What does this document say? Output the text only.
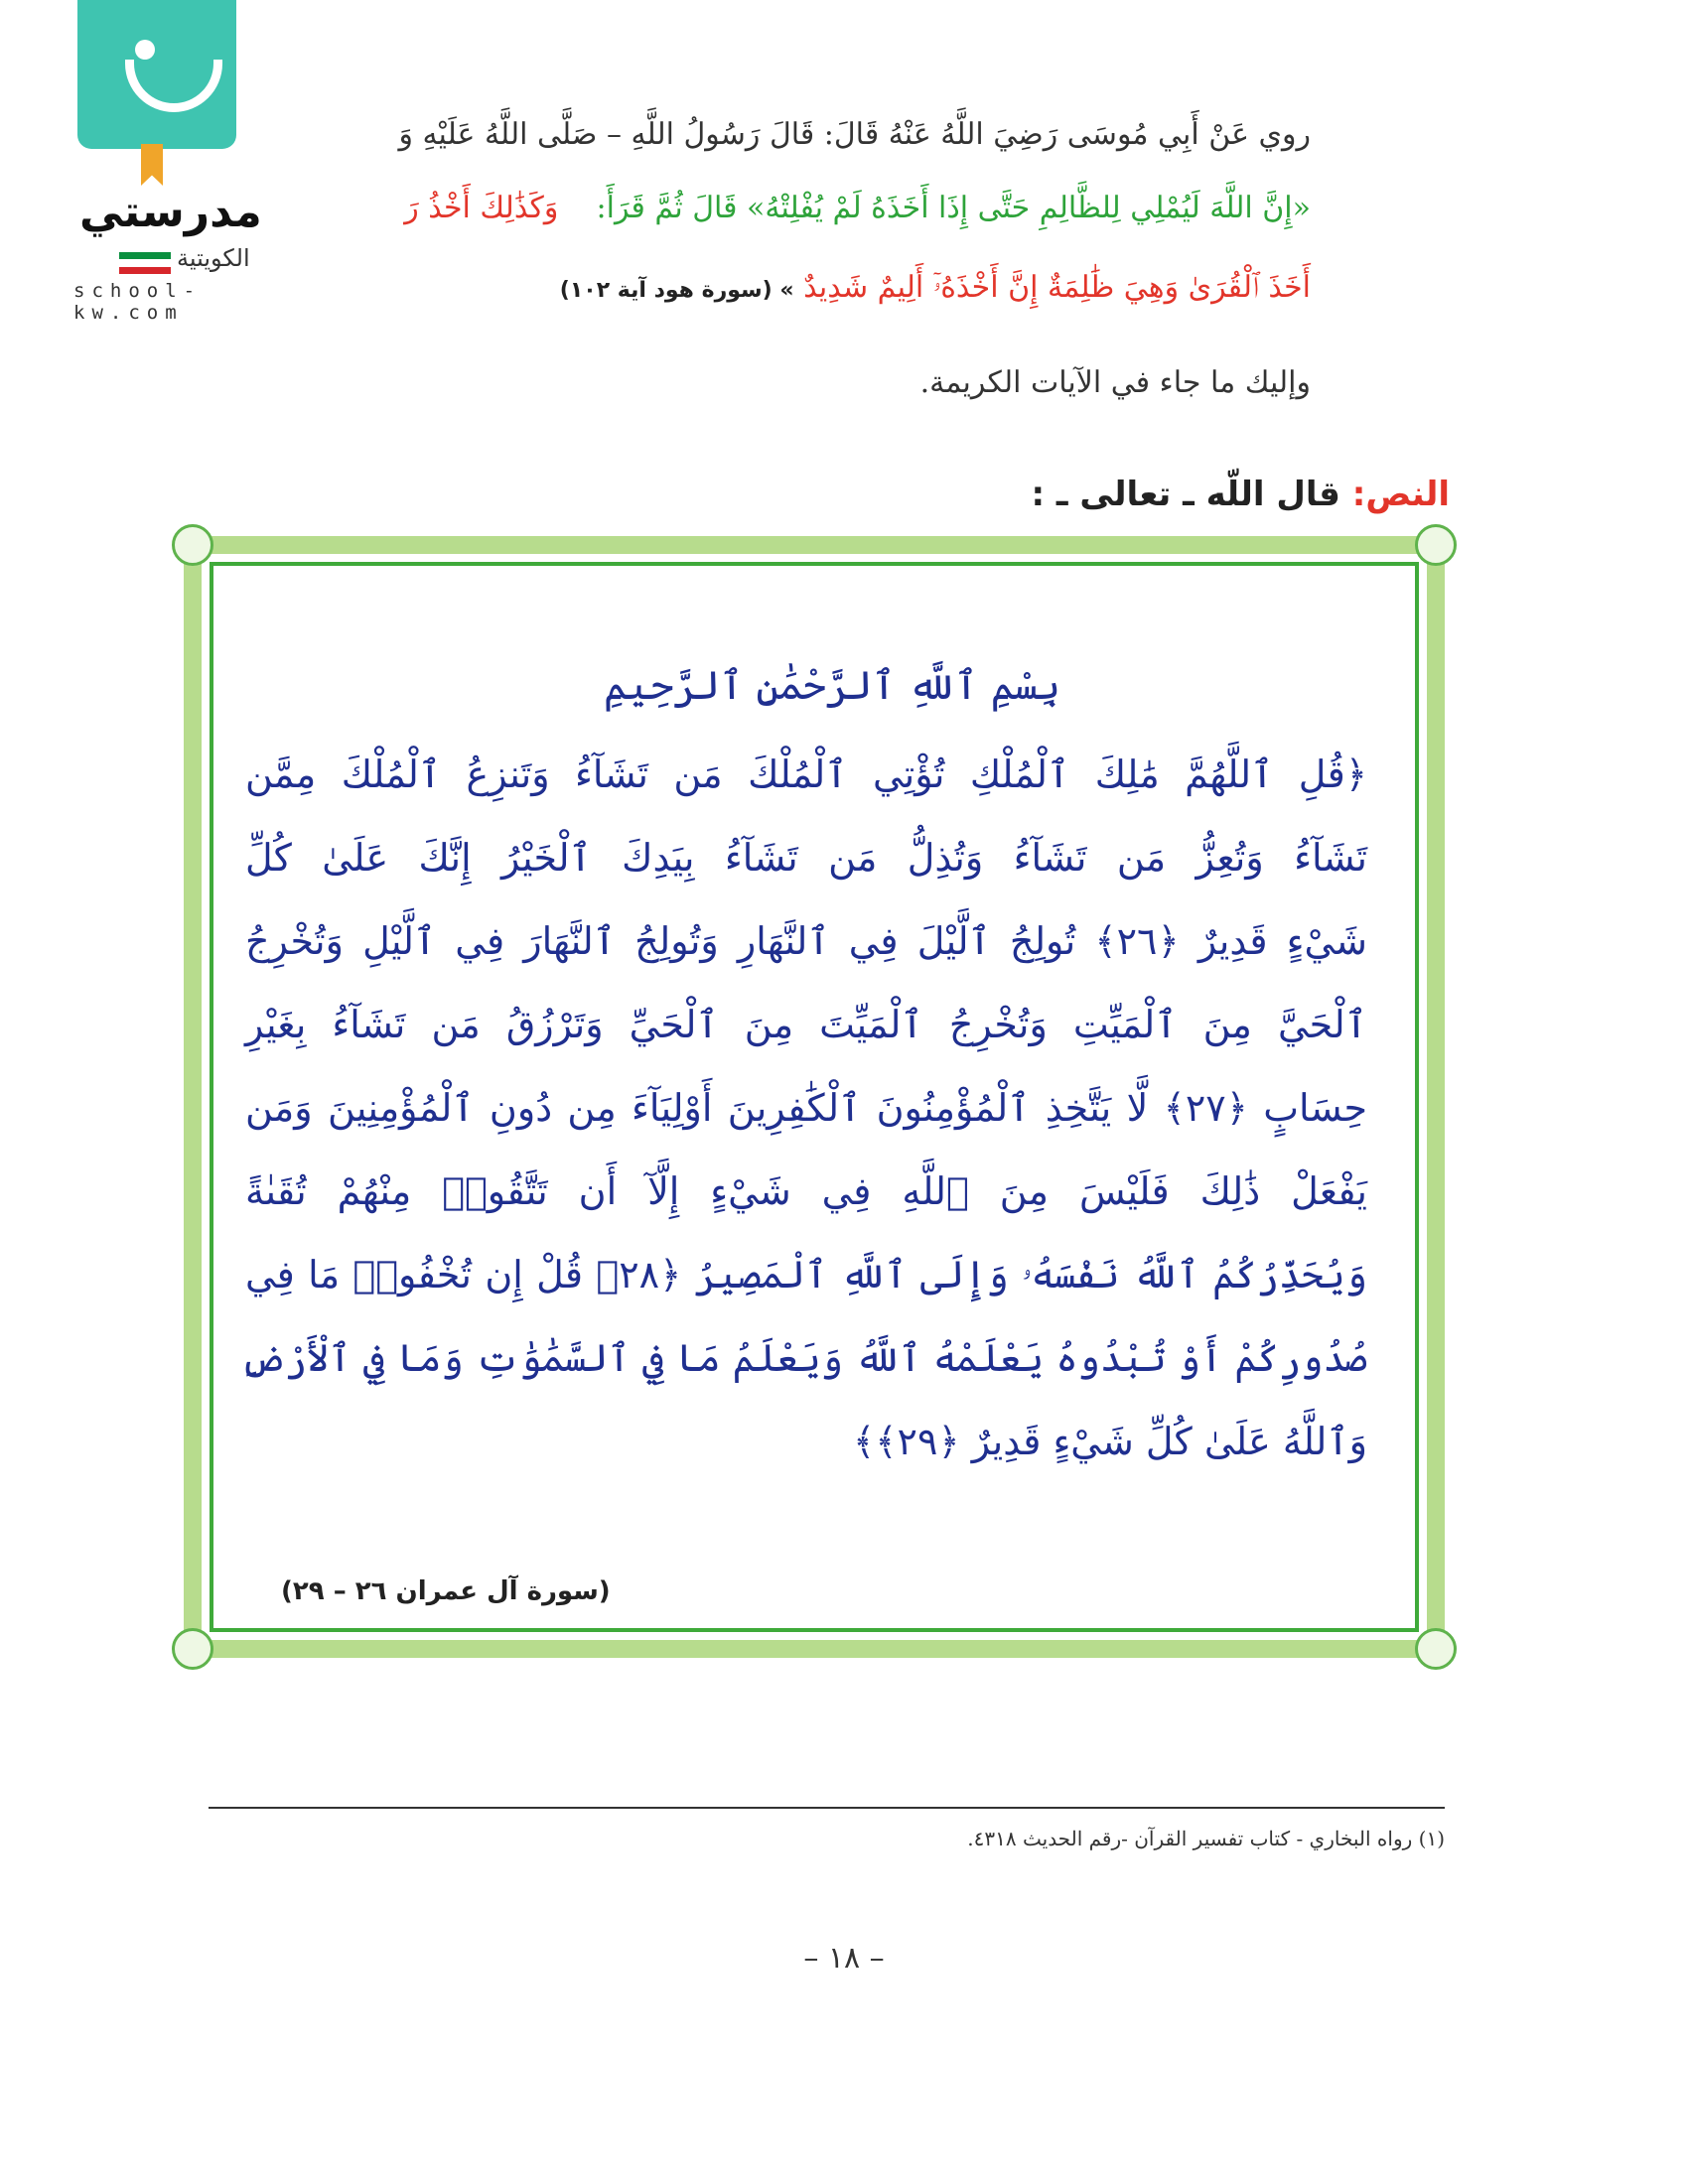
مدرستي
الكويتية
school-kw.com
روي عَنْ أَبِي مُوسَى رَضِيَ اللَّهُ عَنْهُ قَالَ: قَالَ رَسُولُ اللَّهِ – صَلَّى اللَّهُ عَلَيْهِ وَ
«إِنَّ اللَّهَ لَيُمْلِي لِلظَّالِمِ حَتَّى إِذَا أَخَذَهُ لَمْ يُفْلِتْهُ» قَالَ ثُمَّ قَرَأَ:    وَكَذَٰلِكَ أَخْذُ رَ
أَخَذَ ٱلْقُرَىٰ وَهِيَ ظَٰلِمَةٌ إِنَّ أَخْذَهُۥٓ أَلِيمٌ شَدِيدٌ » (سورة هود آية ١٠٢)
وإليك ما جاء في الآيات الكريمة.
النص: قال اللّه ـ تعالى ـ :
بِسْمِ ٱللَّهِ ٱلرَّحْمَٰنِ ٱلرَّحِيمِ
﴿قُلِ ٱللَّهُمَّ مَٰلِكَ ٱلْمُلْكِ تُؤْتِي ٱلْمُلْكَ مَن تَشَآءُ وَتَنزِعُ ٱلْمُلْكَ مِمَّن
تَشَآءُ وَتُعِزُّ مَن تَشَآءُ وَتُذِلُّ مَن تَشَآءُ بِيَدِكَ ٱلْخَيْرُ إِنَّكَ عَلَىٰ كُلِّ
شَيْءٍ قَدِيرٌ ﴿٢٦﴾ تُولِجُ ٱلَّيْلَ فِي ٱلنَّهَارِ وَتُولِجُ ٱلنَّهَارَ فِي ٱلَّيْلِ وَتُخْرِجُ
ٱلْحَيَّ مِنَ ٱلْمَيِّتِ وَتُخْرِجُ ٱلْمَيِّتَ مِنَ ٱلْحَيِّ وَتَرْزُقُ مَن تَشَآءُ بِغَيْرِ
حِسَابٍ ﴿٢٧﴾ لَّا يَتَّخِذِ ٱلْمُؤْمِنُونَ ٱلْكَٰفِرِينَ أَوْلِيَآءَ مِن دُونِ ٱلْمُؤْمِنِينَ وَمَن
يَفْعَلْ ذَٰلِكَ فَلَيْسَ مِنَ ٱللَّهِ فِي شَيْءٍ إِلَّآ أَن تَتَّقُوا۟ مِنْهُمْ تُقَىٰةً
وَيُحَذِّرُكُمُ ٱللَّهُ نَفْسَهُۥ وَإِلَى ٱللَّهِ ٱلْمَصِيرُ ﴿٢٨﴾ قُلْ إِن تُخْفُوا۟ مَا فِي
صُدُورِكُمْ أَوْ تُبْدُوهُ يَعْلَمْهُ ٱللَّهُ وَيَعْلَمُ مَا فِي ٱلسَّمَٰوَٰتِ وَمَا فِي ٱلْأَرْضِ
وَٱللَّهُ عَلَىٰ كُلِّ شَيْءٍ قَدِيرٌ ﴿٢٩﴾﴾
(سورة آل عمران ٢٦ – ٢٩)
(١) رواه البخاري - كتاب تفسير القرآن -رقم الحديث ٤٣١٨.
– ١٨ –
